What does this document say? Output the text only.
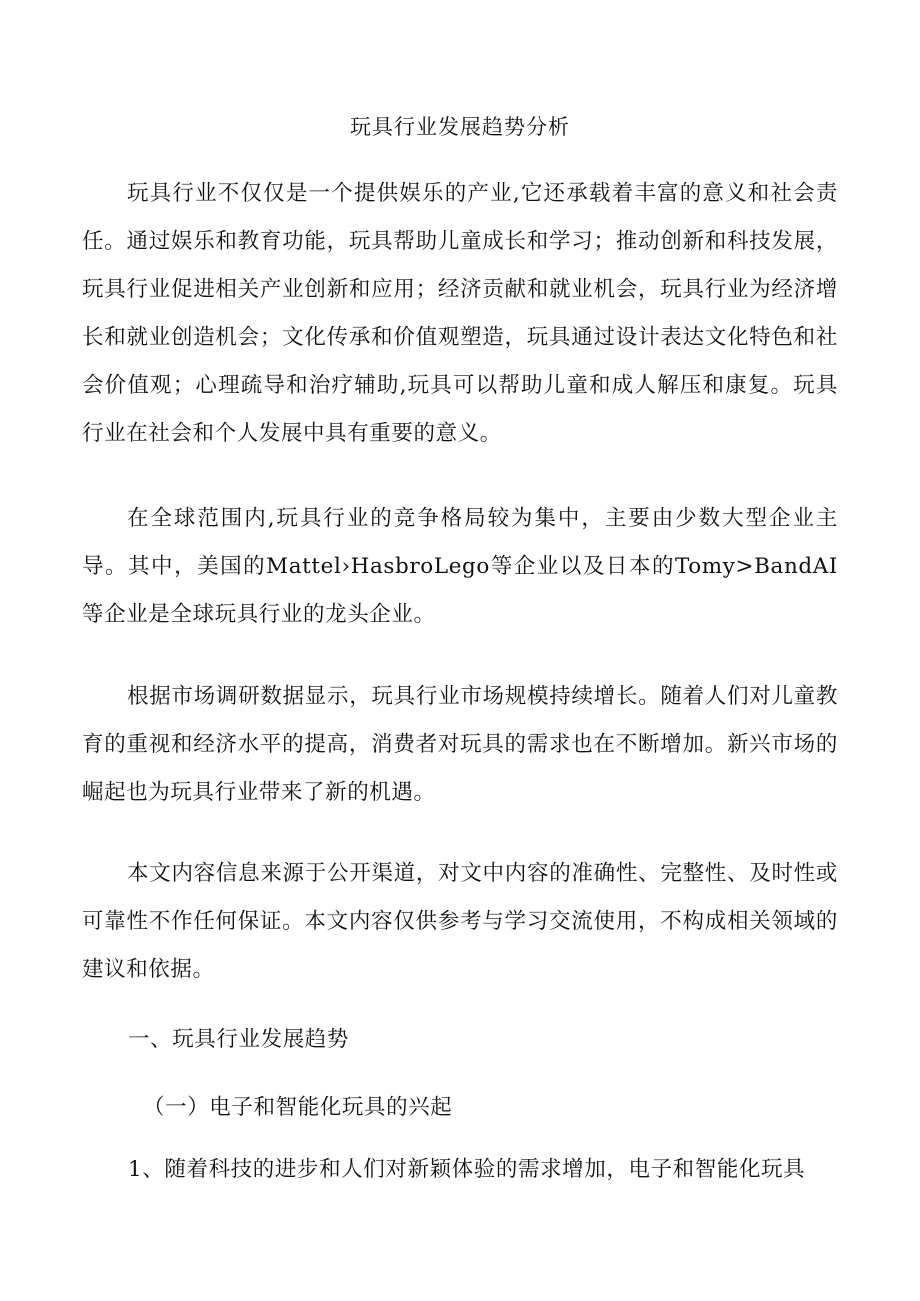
玩具行业发展趋势分析

玩具行业不仅仅是一个提供娱乐的产业,它还承载着丰富的意义和社会责任。通过娱乐和教育功能，玩具帮助儿童成长和学习；推动创新和科技发展，玩具行业促进相关产业创新和应用；经济贡献和就业机会，玩具行业为经济增长和就业创造机会；文化传承和价值观塑造，玩具通过设计表达文化特色和社会价值观；心理疏导和治疗辅助,玩具可以帮助儿童和成人解压和康复。玩具行业在社会和个人发展中具有重要的意义。

在全球范围内,玩具行业的竞争格局较为集中，主要由少数大型企业主导。其中，美国的Mattel›HasbroLego等企业以及日本的Tomy>BandAI等企业是全球玩具行业的龙头企业。

根据市场调研数据显示，玩具行业市场规模持续增长。随着人们对儿童教育的重视和经济水平的提高，消费者对玩具的需求也在不断增加。新兴市场的崛起也为玩具行业带来了新的机遇。

本文内容信息来源于公开渠道，对文中内容的准确性、完整性、及时性或可靠性不作任何保证。本文内容仅供参考与学习交流使用，不构成相关领域的建议和依据。

一、玩具行业发展趋势
（一）电子和智能化玩具的兴起
1、随着科技的进步和人们对新颖体验的需求增加，电子和智能化玩具
